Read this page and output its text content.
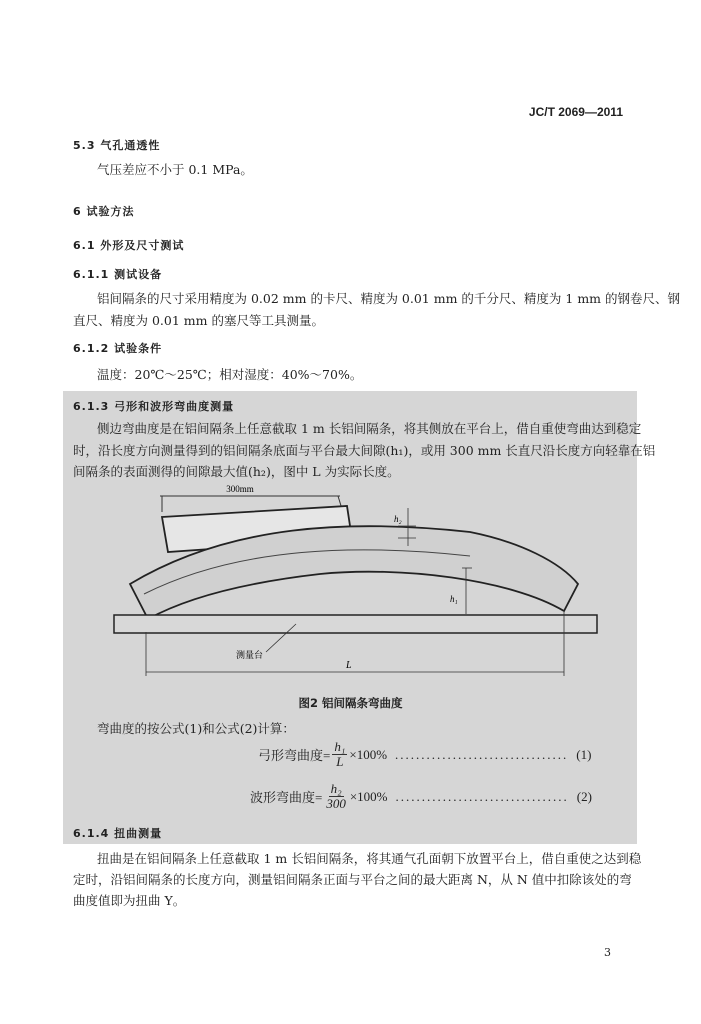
JC/T 2069—2011
5.3 气孔通透性
气压差应不小于 0.1 MPa。
6 试验方法
6.1 外形及尺寸测试
6.1.1 测试设备
铝间隔条的尺寸采用精度为 0.02 mm 的卡尺、精度为 0.01 mm 的千分尺、精度为 1 mm 的钢卷尺、钢
直尺、精度为 0.01 mm 的塞尺等工具测量。
6.1.2 试验条件
温度：20℃～25℃；相对湿度：40%～70%。
6.1.3 弓形和波形弯曲度测量
侧边弯曲度是在铝间隔条上任意截取 1 m 长铝间隔条，将其侧放在平台上，借自重使弯曲达到稳定
时，沿长度方向测量得到的铝间隔条底面与平台最大间隙(h₁)，或用 300 mm 长直尺沿长度方向轻靠在铝
间隔条的表面测得的间隙最大值(h₂)，图中 L 为实际长度。
300mm
h₂
h₁
测量台
L
图2 铝间隔条弯曲度
弯曲度的按公式(1)和公式(2)计算：
弓形弯曲度= $\frac{\text{h₁}}{L} \times 100\%$ ................................. (1)
波形弯曲度= $\frac{\text{h₂}}{300} \times 100\%$ ................................. (2)
6.1.4 扭曲测量
扭曲是在铝间隔条上任意截取 1 m 长铝间隔条，将其通气孔面朝下放置平台上，借自重使之达到稳
定时，沿铝间隔条的长度方向，测量铝间隔条正面与平台之间的最大距离 N，从 N 值中扣除该处的弯
曲度值即为扭曲 Y。
3
